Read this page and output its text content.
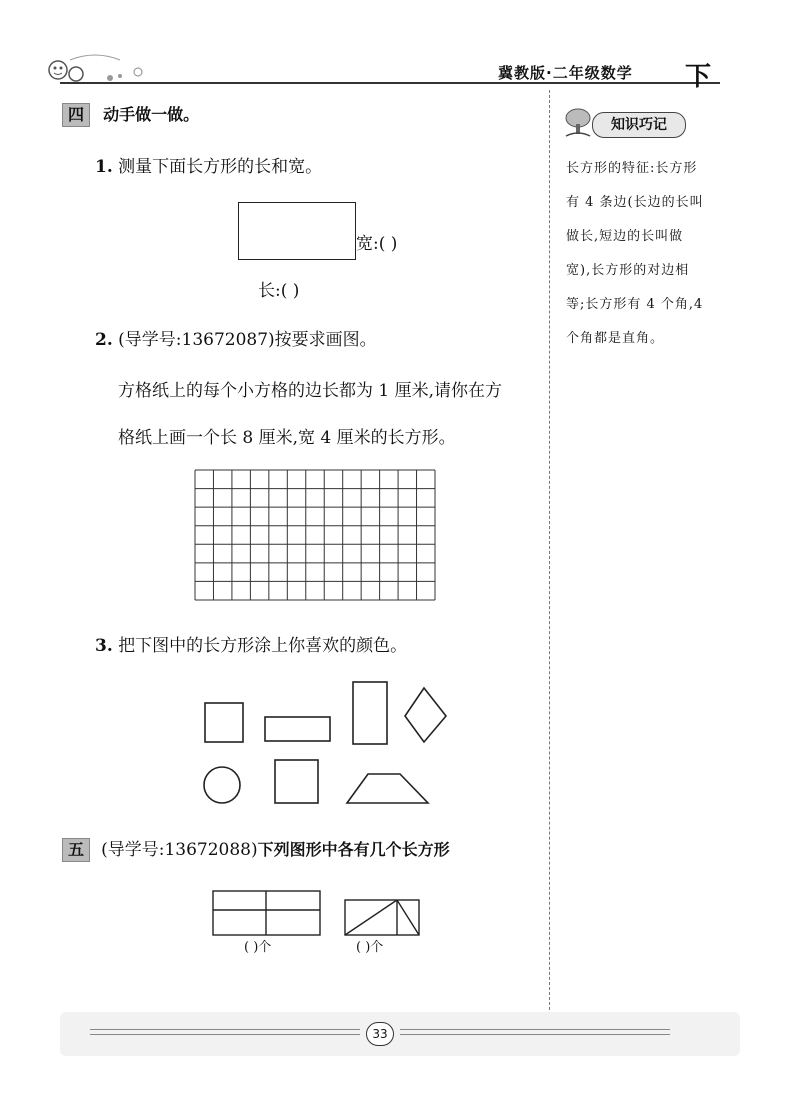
冀教版·二年级数学 下
四 动手做一做。
1. 测量下面长方形的长和宽。
宽:( )
长:( )
2. (导学号:13672087)按要求画图。
方格纸上的每个小方格的边长都为 1 厘米,请你在方
格纸上画一个长 8 厘米,宽 4 厘米的长方形。
3. 把下图中的长方形涂上你喜欢的颜色。
五 (导学号:13672088)下列图形中各有几个长方形
( )个	( )个
知识巧记
长方形的特征:长方形
有 4 条边(长边的长叫
做长,短边的长叫做
宽),长方形的对边相
等;长方形有 4 个角,4
个角都是直角。
33
